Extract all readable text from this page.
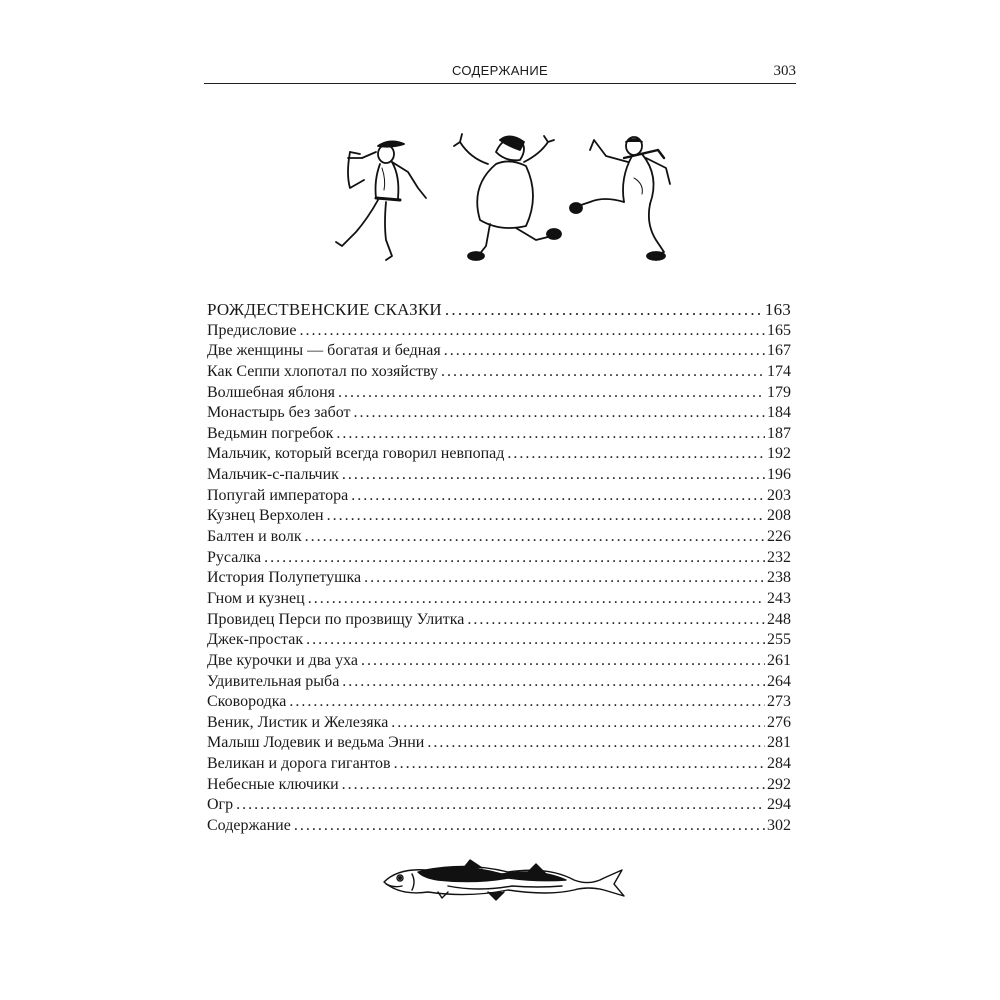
СОДЕРЖАНИЕ	303
РОЖДЕСТВЕНСКИЕ СКАЗКИ . . .	163
Предисловие . . .	165
Две женщины — богатая и бедная . . .	167
Как Сеппи хлопотал по хозяйству . . .	174
Волшебная яблоня . . .	179
Монастырь без забот . . .	184
Ведьмин погребок . . .	187
Мальчик, который всегда говорил невпопад . . .	192
Мальчик-с-пальчик . . .	196
Попугай императора . . .	203
Кузнец Верхолен . . .	208
Балтен и волк . . .	226
Русалка . . .	232
История Полупетушка . . .	238
Гном и кузнец . . .	243
Провидец Перси по прозвищу Улитка . . .	248
Джек-простак . . .	255
Две курочки и два уха . . .	261
Удивительная рыба . . .	264
Сковородка . . .	273
Веник, Листик и Железяка . . .	276
Малыш Лодевик и ведьма Энни . . .	281
Великан и дорога гигантов . . .	284
Небесные ключики . . .	292
Огр . . .	294
Содержание . . .	302
